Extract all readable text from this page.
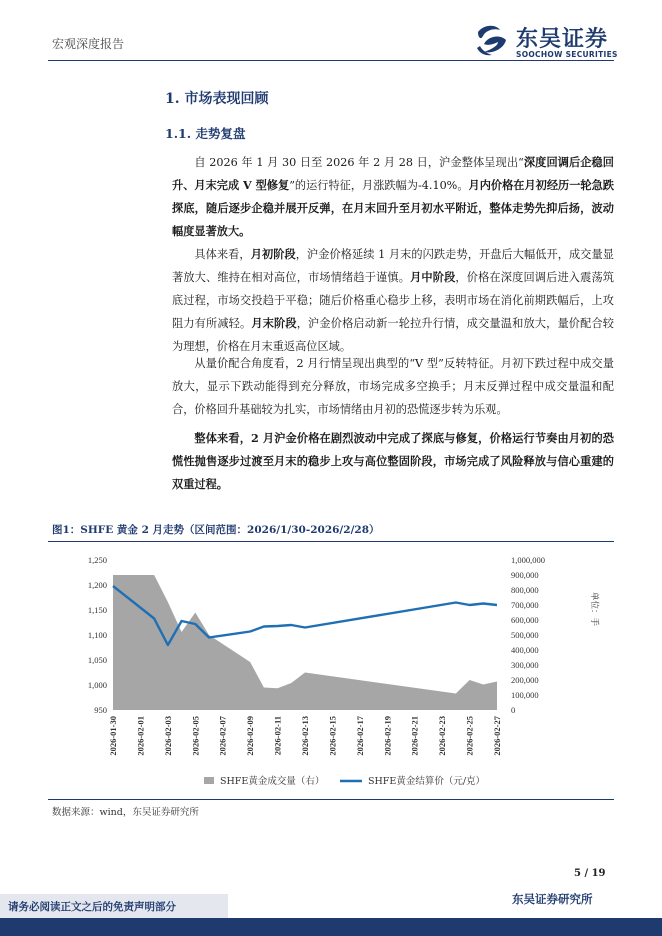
宏观深度报告	东吴证券
SOOCHOW SECURITIES
1. 市场表现回顾
1.1. 走势复盘

自 2026 年 1 月 30 日至 2026 年 2 月 28 日，沪金整体呈现出“深度回调后企稳回升、月末完成 V 型修复”的运行特征，月涨跌幅为-4.10%。月内价格在月初经历一轮急跌探底，随后逐步企稳并展开反弹，在月末回升至月初水平附近，整体走势先抑后扬，波动幅度显著放大。

具体来看，月初阶段，沪金价格延续 1 月末的闪跌走势，开盘后大幅低开，成交量显著放大、维持在相对高位，市场情绪趋于谨慎。月中阶段，价格在深度回调后进入震荡筑底过程，市场交投趋于平稳；随后价格重心稳步上移，表明市场在消化前期跌幅后，上攻阻力有所减轻。月末阶段，沪金价格启动新一轮拉升行情，成交量温和放大，量价配合较为理想，价格在月末重返高位区域。

从量价配合角度看，2 月行情呈现出典型的“V 型”反转特征。月初下跌过程中成交量放大，显示下跌动能得到充分释放，市场完成多空换手；月末反弹过程中成交量温和配合，价格回升基础较为扎实，市场情绪由月初的恐慌逐步转为乐观。

整体来看，2 月沪金价格在剧烈波动中完成了探底与修复，价格运行节奏由月初的恐慌性抛售逐步过渡至月末的稳步上攻与高位整固阶段，市场完成了风险释放与信心重建的双重过程。

图1：SHFE 黄金 2 月走势（区间范围：2026/1/30-2026/2/28）
950
1,000
1,050
1,100
1,150
1,200
1,250
0
100,000
200,000
300,000
400,000
500,000
600,000
700,000
800,000
900,000
1,000,000
单位：手
2026-01-30 2026-02-01 2026-02-03 2026-02-05 2026-02-07 2026-02-09 2026-02-11 2026-02-13 2026-02-15 2026-02-17 2026-02-19 2026-02-21 2026-02-23 2026-02-25 2026-02-27
SHFE黄金成交量（右）	SHFE黄金结算价（元/克）
数据来源：wind，东吴证券研究所
5 / 19
请务必阅读正文之后的免责声明部分
东吴证券研究所
